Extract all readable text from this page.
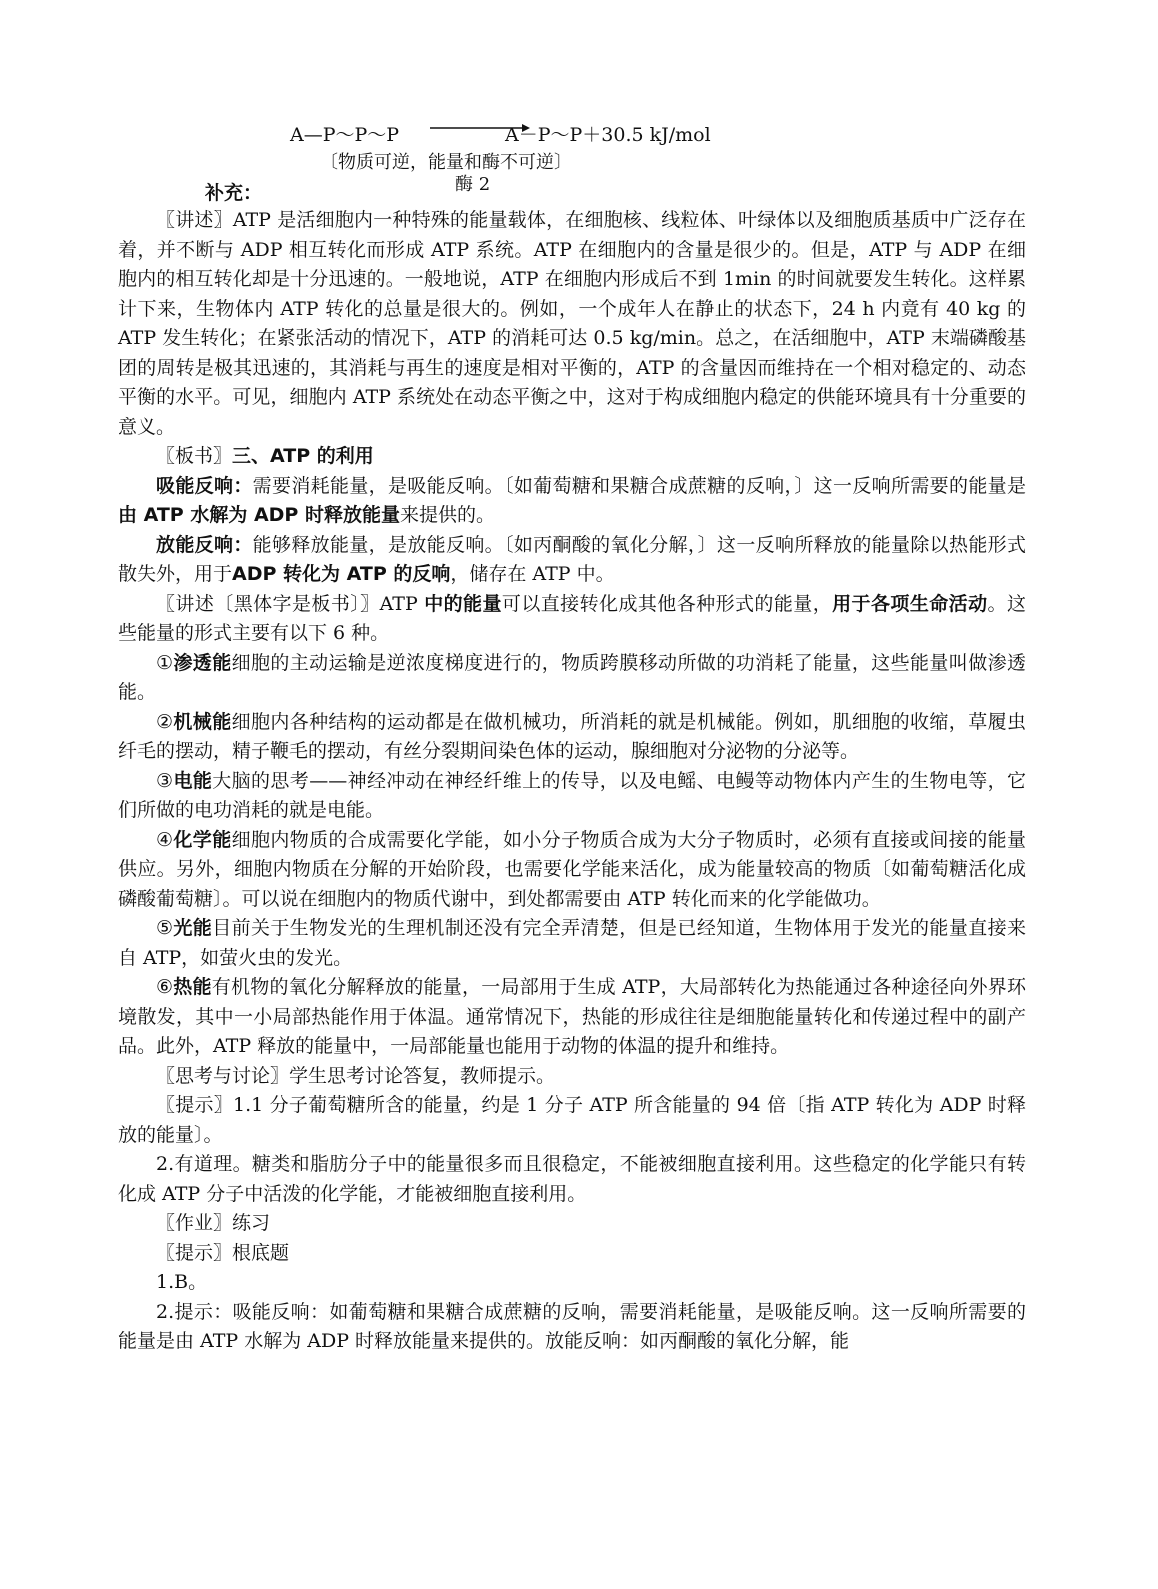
A—P～P～P	A－P～P＋30.5 kJ/mol
〔物质可逆，能量和酶不可逆〕
酶 2
补充：

〖讲述〗ATP 是活细胞内一种特殊的能量载体，在细胞核、线粒体、叶绿体以及细胞质基质中广泛存在着，并不断与 ADP 相互转化而形成 ATP 系统。ATP 在细胞内的含量是很少的。但是，ATP 与 ADP 在细胞内的相互转化却是十分迅速的。一般地说，ATP 在细胞内形成后不到 1min 的时间就要发生转化。这样累计下来，生物体内 ATP 转化的总量是很大的。例如，一个成年人在静止的状态下，24 h 内竟有 40 kg 的 ATP 发生转化；在紧张活动的情况下，ATP 的消耗可达 0.5 kg/min。总之，在活细胞中，ATP 末端磷酸基团的周转是极其迅速的，其消耗与再生的速度是相对平衡的，ATP 的含量因而维持在一个相对稳定的、动态平衡的水平。可见，细胞内 ATP 系统处在动态平衡之中，这对于构成细胞内稳定的供能环境具有十分重要的意义。

〖板书〗三、ATP 的利用

吸能反响：需要消耗能量，是吸能反响。〔如葡萄糖和果糖合成蔗糖的反响，〕这一反响所需要的能量是由 ATP 水解为 ADP 时释放能量来提供的。

放能反响：能够释放能量，是放能反响。〔如丙酮酸的氧化分解，〕这一反响所释放的能量除以热能形式散失外，用于ADP 转化为 ATP 的反响，储存在 ATP 中。

〖讲述〔黑体字是板书〕〗ATP 中的能量可以直接转化成其他各种形式的能量，用于各项生命活动。这些能量的形式主要有以下 6 种。

①渗透能细胞的主动运输是逆浓度梯度进行的，物质跨膜移动所做的功消耗了能量，这些能量叫做渗透能。

②机械能细胞内各种结构的运动都是在做机械功，所消耗的就是机械能。例如，肌细胞的收缩，草履虫纤毛的摆动，精子鞭毛的摆动，有丝分裂期间染色体的运动，腺细胞对分泌物的分泌等。

③电能大脑的思考——神经冲动在神经纤维上的传导，以及电鳐、电鳗等动物体内产生的生物电等，它们所做的电功消耗的就是电能。

④化学能细胞内物质的合成需要化学能，如小分子物质合成为大分子物质时，必须有直接或间接的能量供应。另外，细胞内物质在分解的开始阶段，也需要化学能来活化，成为能量较高的物质〔如葡萄糖活化成磷酸葡萄糖〕。可以说在细胞内的物质代谢中，到处都需要由 ATP 转化而来的化学能做功。

⑤光能目前关于生物发光的生理机制还没有完全弄清楚，但是已经知道，生物体用于发光的能量直接来自 ATP，如萤火虫的发光。

⑥热能有机物的氧化分解释放的能量，一局部用于生成 ATP，大局部转化为热能通过各种途径向外界环境散发，其中一小局部热能作用于体温。通常情况下，热能的形成往往是细胞能量转化和传递过程中的副产品。此外，ATP 释放的能量中，一局部能量也能用于动物的体温的提升和维持。

〖思考与讨论〗学生思考讨论答复，教师提示。

〖提示〗1.1 分子葡萄糖所含的能量，约是 1 分子 ATP 所含能量的 94 倍〔指 ATP 转化为 ADP 时释放的能量〕。

2.有道理。糖类和脂肪分子中的能量很多而且很稳定，不能被细胞直接利用。这些稳定的化学能只有转化成 ATP 分子中活泼的化学能，才能被细胞直接利用。

〖作业〗练习

〖提示〗根底题

1.B。

2.提示：吸能反响：如葡萄糖和果糖合成蔗糖的反响，需要消耗能量，是吸能反响。这一反响所需要的能量是由 ATP 水解为 ADP 时释放能量来提供的。放能反响：如丙酮酸的氧化分解，能
